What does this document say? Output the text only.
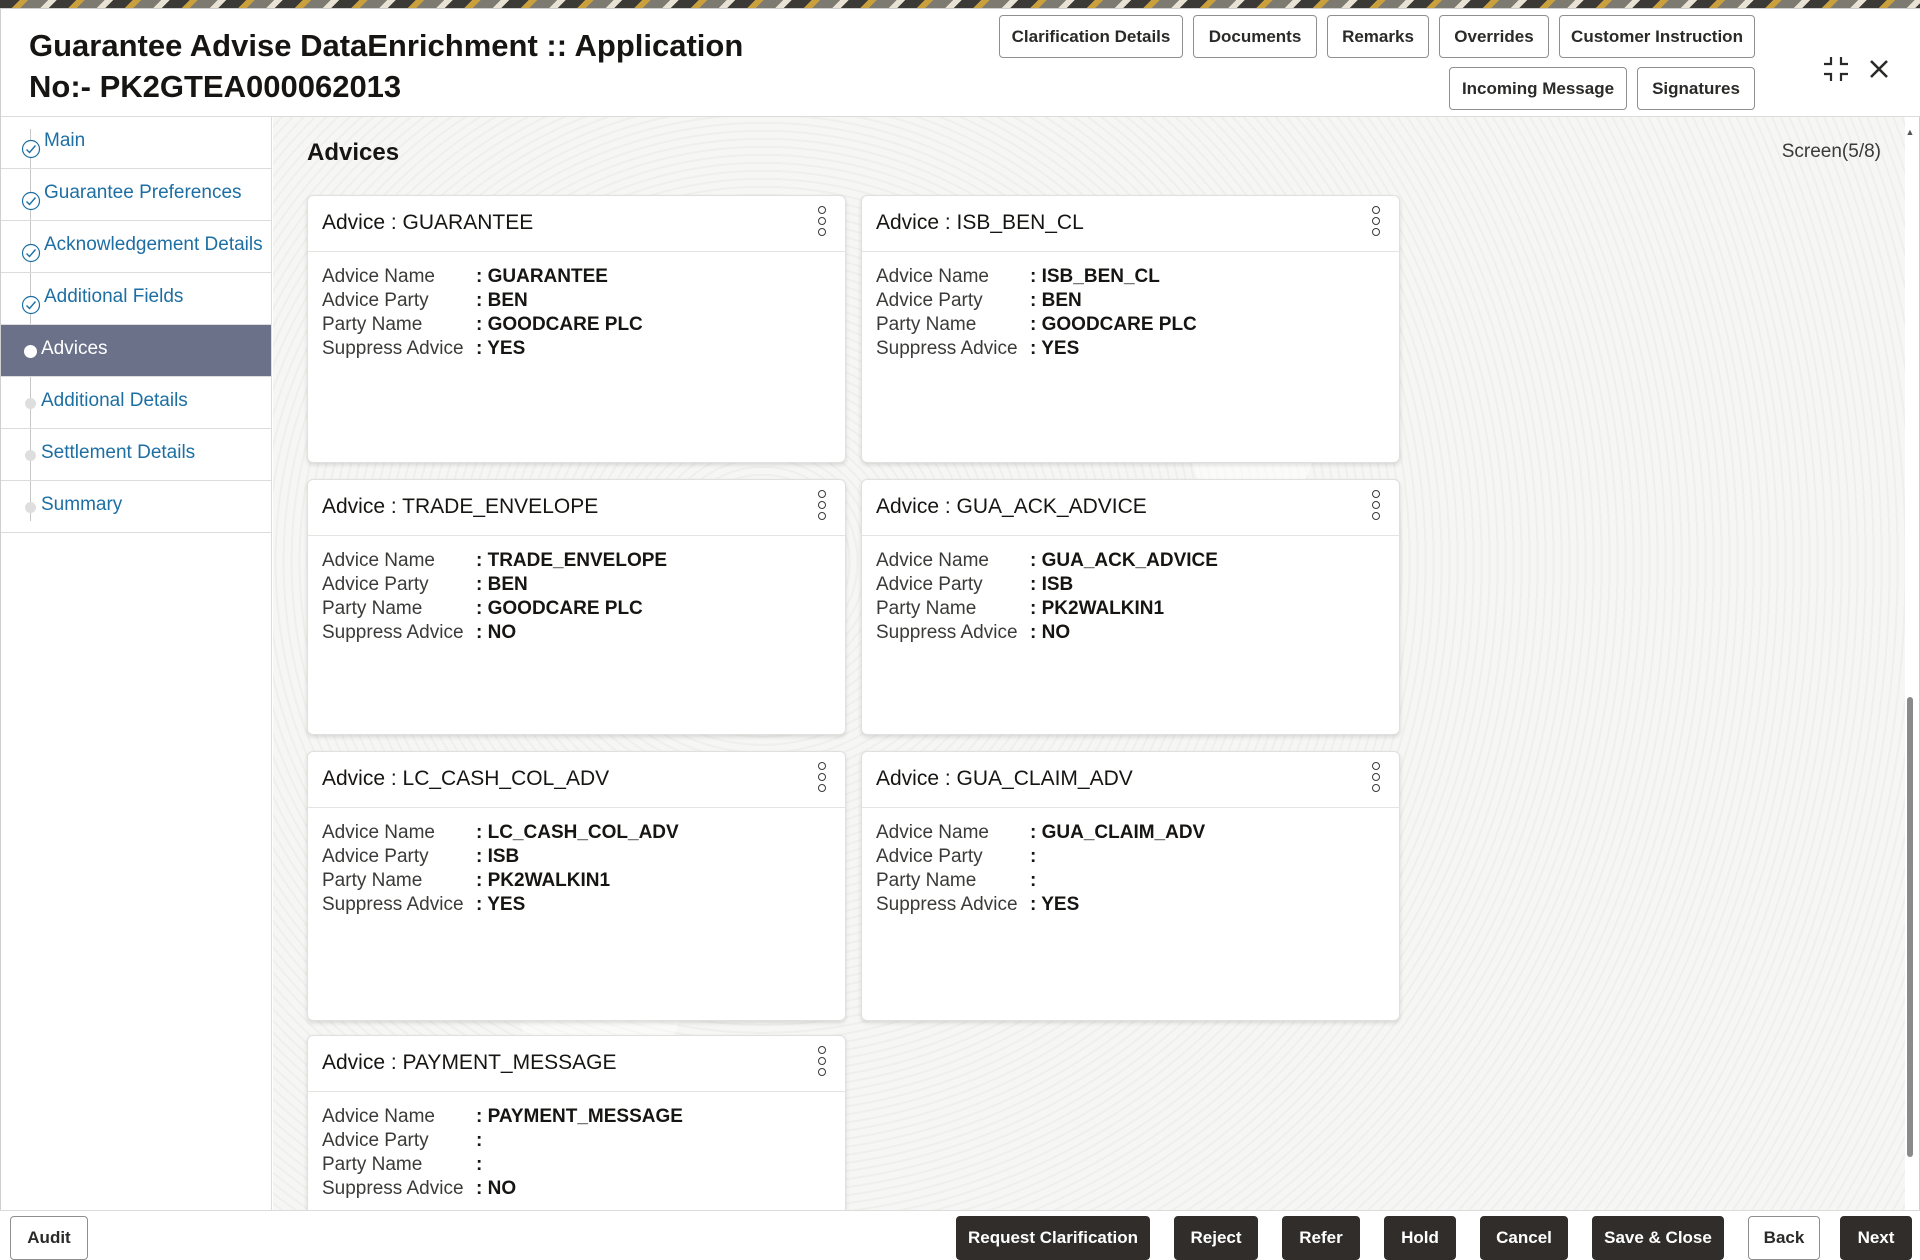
Guarantee Advise DataEnrichment :: Application No:- PK2GTEA000062013
Clarification Details	Documents	Remarks	Overrides	Customer Instruction
Incoming Message	Signatures
Main
Guarantee Preferences
Acknowledgement Details
Additional Fields
Advices
Additional Details
Settlement Details
Summary
Advices	Screen(5/8)
Advice : GUARANTEE
Advice Name	: GUARANTEE
Advice Party	: BEN
Party Name	: GOODCARE PLC
Suppress Advice : YES
Advice : ISB_BEN_CL
Advice Name	: ISB_BEN_CL
Advice Party	: BEN
Party Name	: GOODCARE PLC
Suppress Advice : YES
Advice : TRADE_ENVELOPE
Advice Name	: TRADE_ENVELOPE
Advice Party	: BEN
Party Name	: GOODCARE PLC
Suppress Advice : NO
Advice : GUA_ACK_ADVICE
Advice Name	: GUA_ACK_ADVICE
Advice Party	: ISB
Party Name	: PK2WALKIN1
Suppress Advice : NO
Advice : LC_CASH_COL_ADV
Advice Name	: LC_CASH_COL_ADV
Advice Party	: ISB
Party Name	: PK2WALKIN1
Suppress Advice : YES
Advice : GUA_CLAIM_ADV
Advice Name	: GUA_CLAIM_ADV
Advice Party	:
Party Name	:
Suppress Advice : YES
Advice : PAYMENT_MESSAGE
Advice Name	: PAYMENT_MESSAGE
Advice Party	:
Party Name	:
Suppress Advice : NO
▲
Audit	Request Clarification	Reject	Refer	Hold	Cancel	Save & Close	Back	Next
